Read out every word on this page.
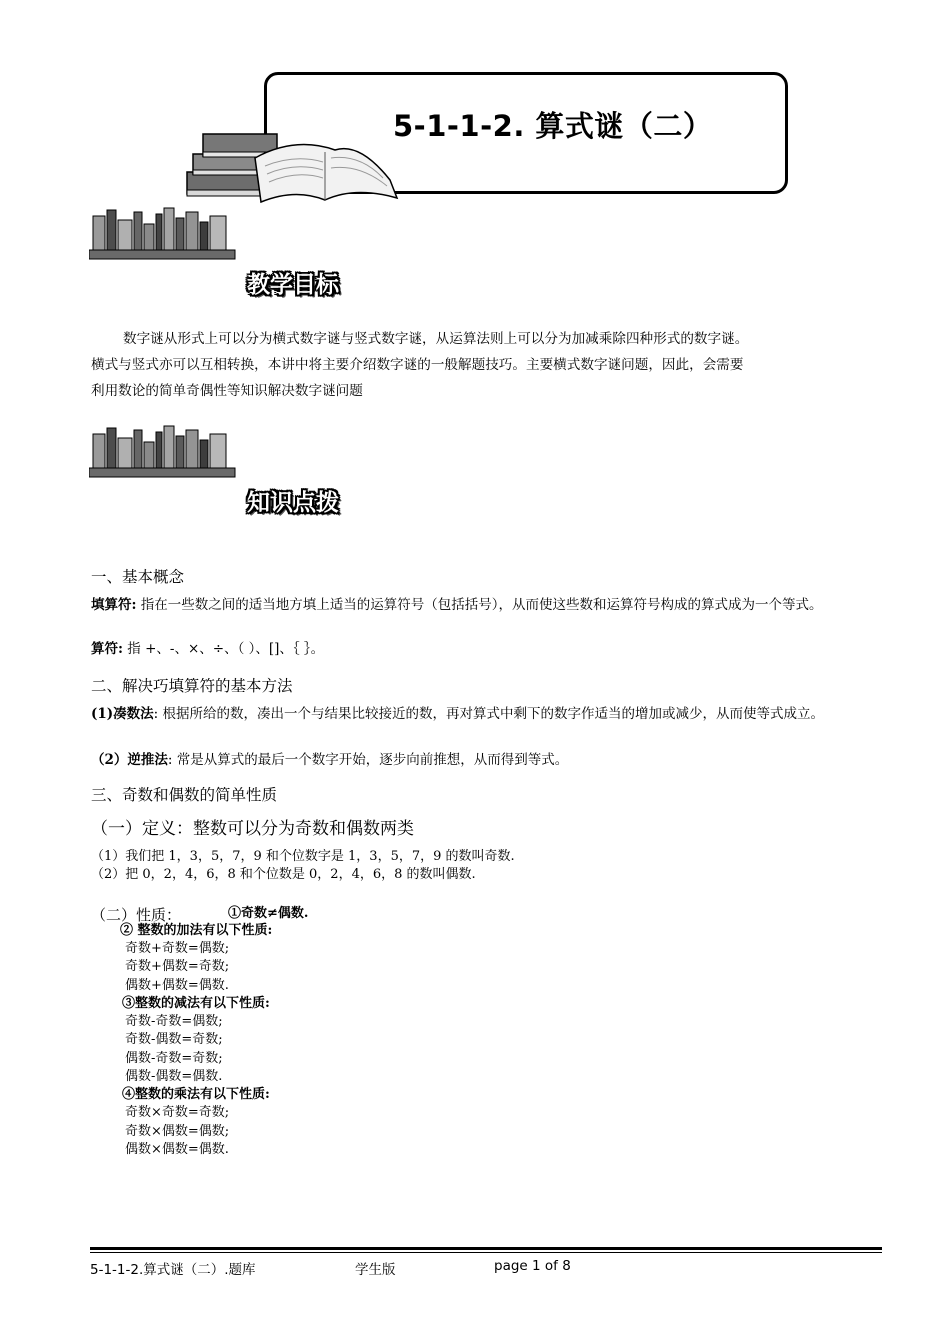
5-1-1-2. 算式谜（二）
教学目标

数字谜从形式上可以分为横式数字谜与竖式数字谜，从运算法则上可以分为加减乘除四种形式的数字谜。

横式与竖式亦可以互相转换，本讲中将主要介绍数字谜的一般解题技巧。主要横式数字谜问题，因此，会需要

利用数论的简单奇偶性等知识解决数字谜问题

知识点拨
一、基本概念
填算符: 指在一些数之间的适当地方填上适当的运算符号（包括括号），从而使这些数和运算符号构成的算式成为一个等式。
算符: 指 +、-、×、÷、（ ）、[]、｛ ｝。
二、解决巧填算符的基本方法
(1)凑数法: 根据所给的数，凑出一个与结果比较接近的数，再对算式中剩下的数字作适当的增加或减少，从而使等式成立。
（2）逆推法: 常是从算式的最后一个数字开始，逐步向前推想，从而得到等式。
三、奇数和偶数的简单性质
（一）定义：整数可以分为奇数和偶数两类
（1）我们把 1，3，5，7，9 和个位数字是 1，3，5，7，9 的数叫奇数.
（2）把 0，2，4，6，8 和个位数是 0，2，4，6，8 的数叫偶数.
（二）性质：	①奇数≠偶数.
② 整数的加法有以下性质:
奇数+奇数=偶数;
奇数+偶数=奇数;
偶数+偶数=偶数.
③整数的减法有以下性质:
奇数-奇数=偶数;
奇数-偶数=奇数;
偶数-奇数=奇数;
偶数-偶数=偶数.
④整数的乘法有以下性质:
奇数×奇数=奇数;
奇数×偶数=偶数;
偶数×偶数=偶数.
5-1-1-2.算式谜（二）.题库	学生版	page 1 of 8
